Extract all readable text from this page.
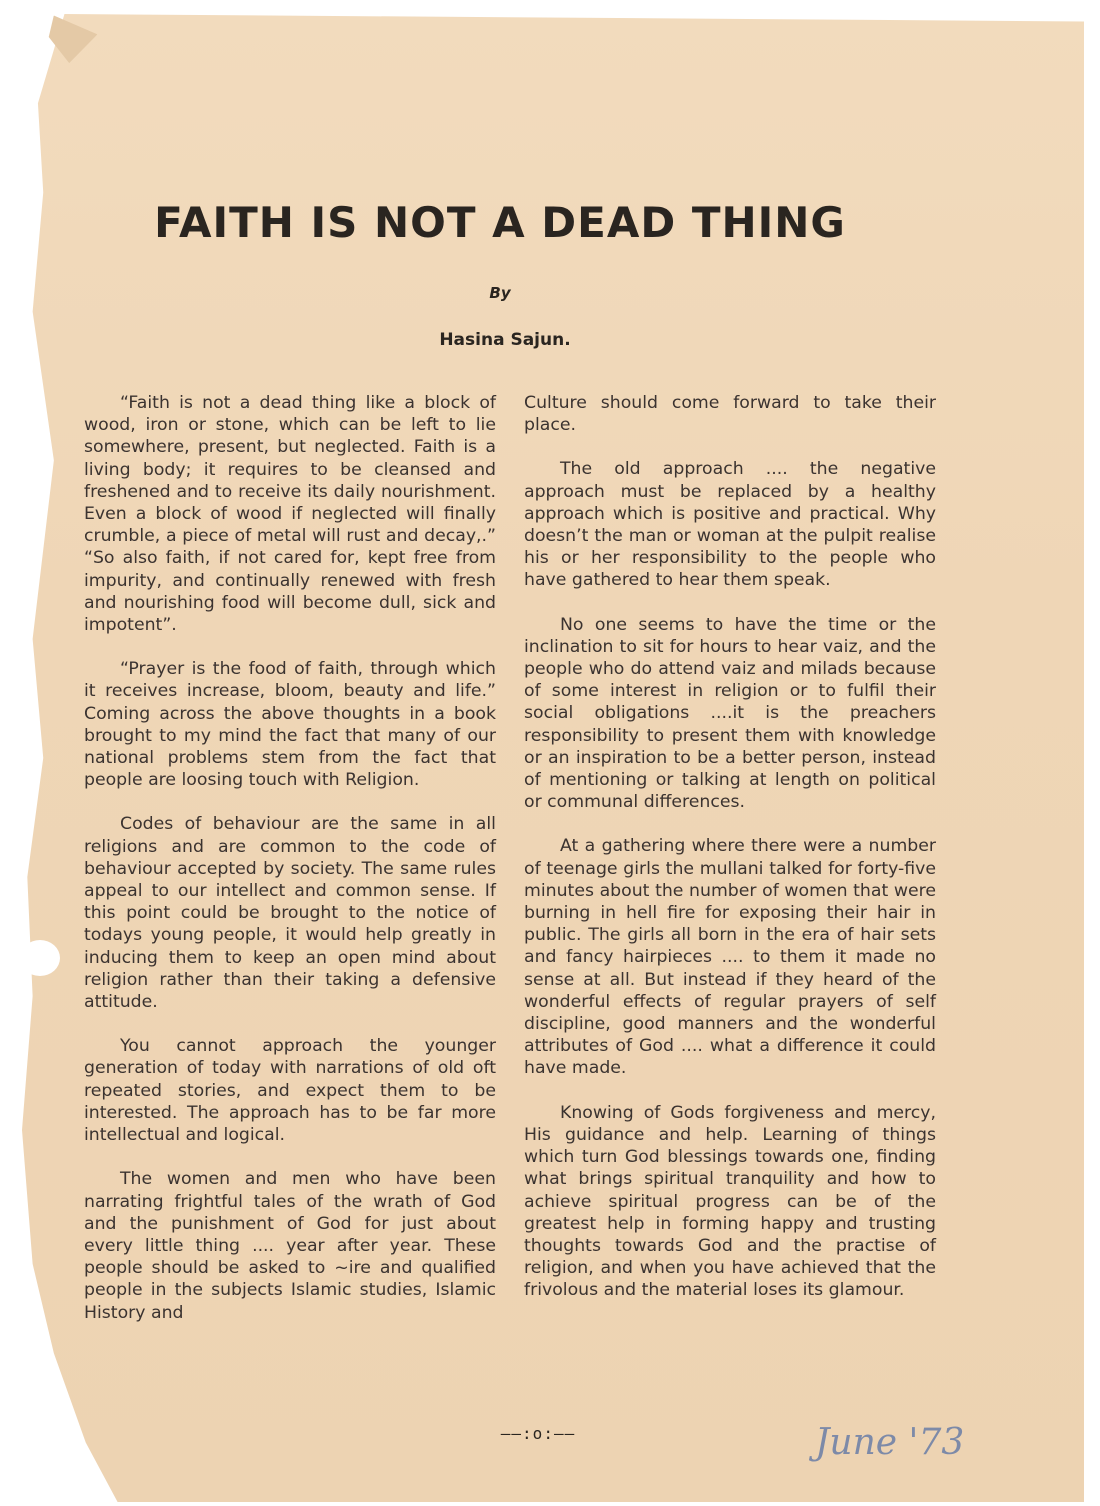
FAITH IS NOT A DEAD THING
By
Hasina Sajun.

“Faith is not a dead thing like a block of wood, iron or stone, which can be left to lie somewhere, present, but neglected. Faith is a living body; it requires to be cleansed and freshened and to receive its daily nourishment. Even a block of wood if neglected will finally crumble, a piece of metal will rust and decay,.” “So also faith, if not cared for, kept free from impurity, and continually renewed with fresh and nourishing food will become dull, sick and impotent”.

“Prayer is the food of faith, through which it receives increase, bloom, beauty and life.” Coming across the above thoughts in a book brought to my mind the fact that many of our national problems stem from the fact that people are loosing touch with Religion.

Codes of behaviour are the same in all religions and are common to the code of behaviour accepted by society. The same rules appeal to our intellect and common sense. If this point could be brought to the notice of todays young people, it would help greatly in inducing them to keep an open mind about religion rather than their taking a defensive attitude.

You cannot approach the younger generation of today with narrations of old oft repeated stories, and expect them to be interested. The approach has to be far more intellectual and logical.

The women and men who have been narrating frightful tales of the wrath of God and the punishment of God for just about every little thing .... year after year. These people should be asked to ~ire and qualified people in the subjects Islamic studies, Islamic History and

Culture should come forward to take their place.

The old approach .... the negative approach must be replaced by a healthy approach which is positive and practical. Why doesn’t the man or woman at the pulpit realise his or her responsibility to the people who have gathered to hear them speak.

No one seems to have the time or the inclination to sit for hours to hear vaiz, and the people who do attend vaiz and milads because of some interest in religion or to fulfil their social obligations ....it is the preachers responsibility to present them with knowledge or an inspiration to be a better person, instead of mentioning or talking at length on political or communal differences.

At a gathering where there were a number of teenage girls the mullani talked for forty-five minutes about the number of women that were burning in hell fire for exposing their hair in public. The girls all born in the era of hair sets and fancy hairpieces .... to them it made no sense at all. But instead if they heard of the wonderful effects of regular prayers of self discipline, good manners and the wonderful attributes of God .... what a difference it could have made.

Knowing of Gods forgiveness and mercy, His guidance and help. Learning of things which turn God blessings towards one, finding what brings spiritual tranquility and how to achieve spiritual progress can be of the greatest help in forming happy and trusting thoughts towards God and the practise of religion, and when you have achieved that the frivolous and the material loses its glamour.

——:o:——	June '73
